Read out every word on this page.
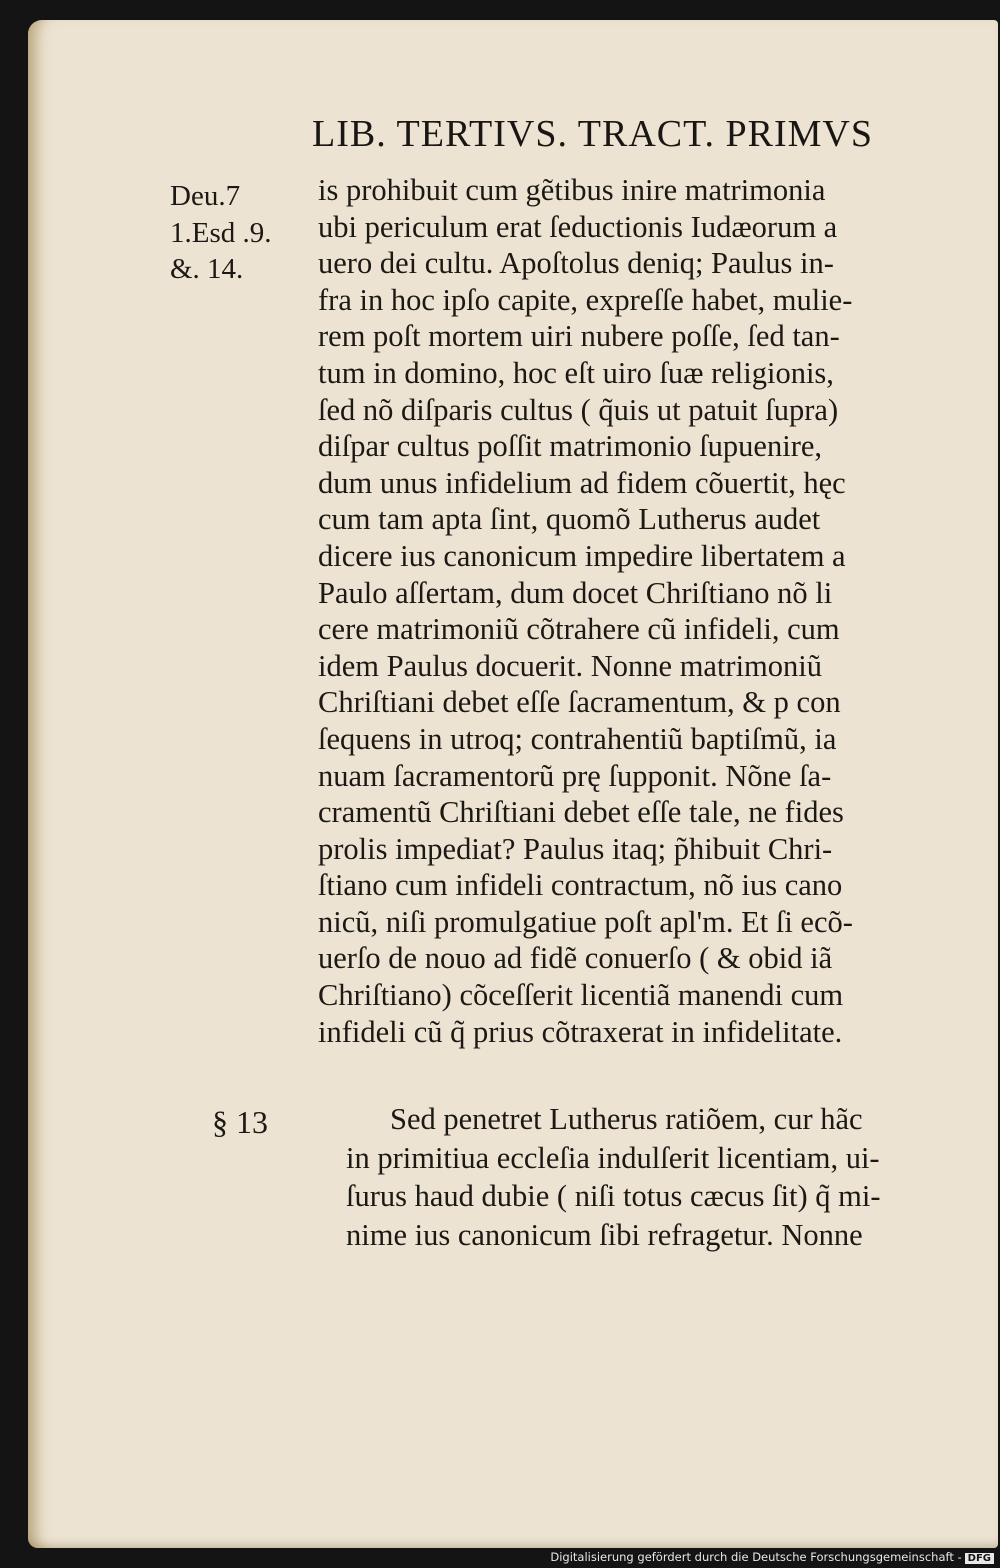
LIB. TERTIVS. TRACT. PRIMVS
Deu.7
1.Esd .9.
&. 14.
is prohibuit cum gẽtibus inire matrimonia
ubi periculum erat ſeductionis Iudæorum a
uero dei cultu. Apoſtolus deniq; Paulus in-
fra in hoc ipſo capite, expreſſe habet, mulie-
rem poſt mortem uiri nubere poſſe, ſed tan-
tum in domino, hoc eſt uiro ſuæ religionis,
ſed nõ diſparis cultus ( q̃uis ut patuit ſupra)
diſpar cultus poſſit matrimonio ſupuenire,
dum unus infidelium ad fidem cõuertit, hęc
cum tam apta ſint, quomõ Lutherus audet
dicere ius canonicum impedire libertatem a
Paulo aſſertam, dum docet Chriſtiano nõ li
cere matrimoniũ cõtrahere cũ infideli, cum
idem Paulus docuerit. Nonne matrimoniũ
Chriſtiani debet eſſe ſacramentum, & p con
ſequens in utroq; contrahentiũ baptiſmũ, ia
nuam ſacramentorũ prę ſupponit. Nõne ſa-
cramentũ Chriſtiani debet eſſe tale, ne fides
prolis impediat? Paulus itaq; p̃hibuit Chri-
ſtiano cum infideli contractum, nõ ius cano
nicũ, niſi promulgatiue poſt apl'm. Et ſi ecõ-
uerſo de nouo ad fidẽ conuerſo ( & obid iã
Chriſtiano) cõceſſerit licentiã manendi cum
infideli cũ q̃ prius cõtraxerat in infidelitate.
§ 13	Sed penetret Lutherus ratiõem, cur hãc
in primitiua eccleſia indulſerit licentiam, ui-
ſurus haud dubie ( niſi totus cæcus ſit) q̃ mi-
nime ius canonicum ſibi refragetur. Nonne
Digitalisierung gefördert durch die Deutsche Forschungsgemeinschaft - DFG
